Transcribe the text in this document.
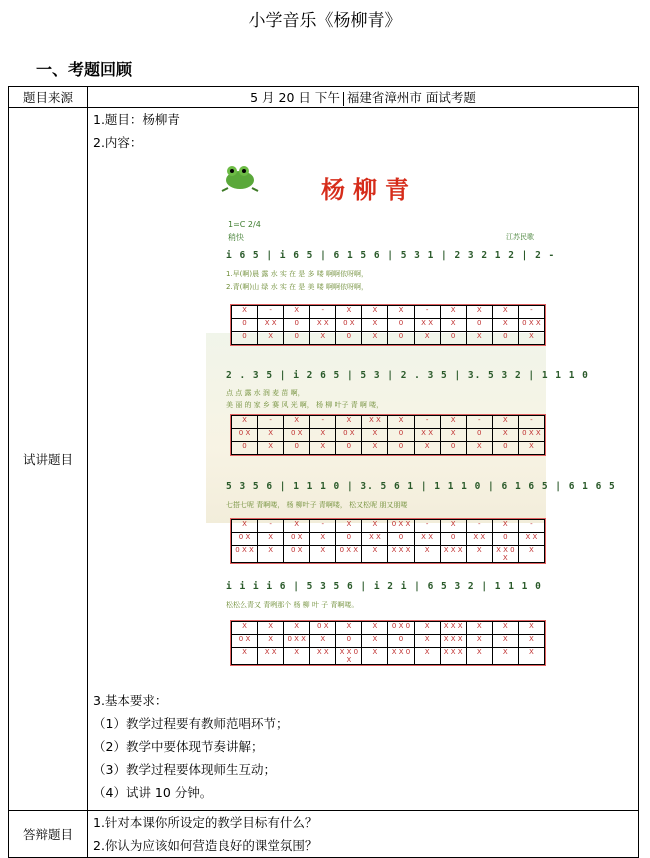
小学音乐《杨柳青》
一、考题回顾
题目来源	5 月 20 日 下午 福建省漳州市 面试考题
试讲题目	
1.题目：杨柳青
2.内容：
杨柳青
1=C 2/4
稍快	江苏民歌
i 6 5 | i 6 5 | 6 1 5 6 | 5 3 1 | 2 3 2 1 2 | 2 -
1.早(啊)晨 露 水 实 在 是 多 喽 啊啊依呀啊，
2.青(啊)山 绿 水 实 在 是 美 喽 啊啊依呀啊，
X	-	X	-	X	X	X	-	X	X	X	-
0	X X	0	X X	0 X	X	0	X X	X	0	X	0 X X
0	X	0	X	0	X	0	X	0	X	0	X
2 . 3 5 | i 2 6 5 | 5 3 | 2 . 3 5 | 3. 5 3 2 | 1 1 1 0
点 点 露 水 润 麦 苗 啊，
美 丽 的 家 乡 赛 风 光 啊， 杨 柳 叶子 青 啊 喽，
X	-	X	-	X	X X	X	-	X	-	X	-
0 X	X	0 X	X	0 X	X	0	X X	X	0	X	0 X X
0	X	0	X	0	X	0	X	0	X	0	X
5 3 5 6 | 1 1 1 0 | 3. 5 6 1 | 1 1 1 0 | 6 1 6 5 | 6 1 6 5
七搭七呢 青啊喽， 杨 柳叶子 青啊喽， 松又松呢 朋又朋喽
X	-	X	-	X	X	0 X X	-	X	-	X	-
0 X	X	0 X	X	0	X X	0	X X	0	X X	0	X X
0 X X	X	0 X	X	0 X X	X	X X X	X	X X X	X	X X 0 X	X
i i i i 6 | 5 3 5 6 | i 2 i | 6 5 3 2 | 1 1 1 0
松松么青又 青咧那个 杨 柳 叶 子 青啊喽。
X	X	X	0 X	X	X	0 X 0	X	X X X	X	X	X
0 X	X	0 X X	X	0	X	0	X	X X X	X	X	X
X	X X	X	X X	X X 0 X	X	X X 0	X	X X X	X	X	X
3.基本要求：
（1）教学过程要有教师范唱环节；
（2）教学中要体现节奏讲解；
（3）教学过程要体现师生互动；
（4）试讲 10 分钟。

答辩题目	
1.针对本课你所设定的教学目标有什么？
2.你认为应该如何营造良好的课堂氛围？
